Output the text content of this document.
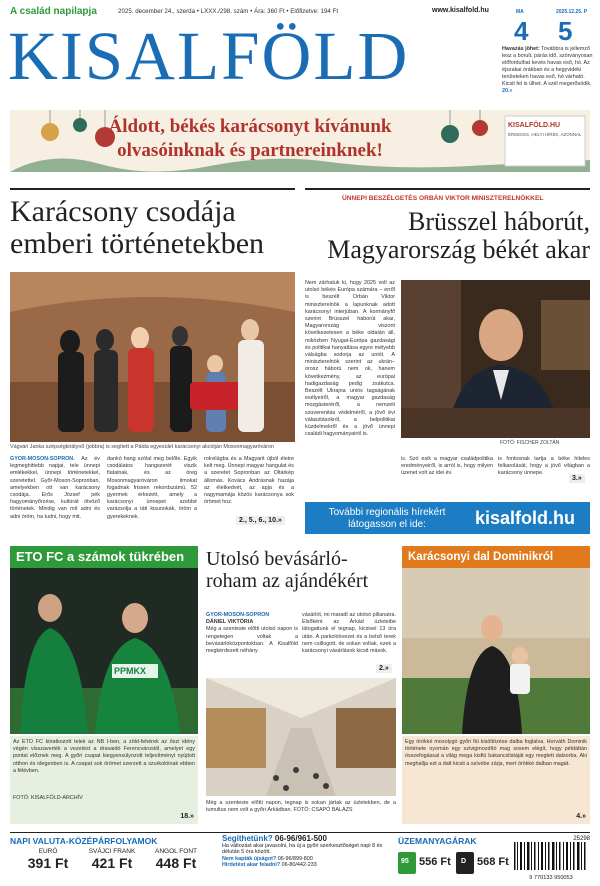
A család napilapja	2025. december 24., szerda • LXXX./298. szám • Ára: 360 Ft • Előfizetve: 194 Ft	www.kisalfold.hu
KISALFÖLD
MA	2025.12.25. P
4 5
Havazás jöhet: Továbbra is jellemző lesz a borult, párás idő, szórványosan előfordulhat kevés havas eső, hó. Az éjszakai órákban és a hegyvidéki területeken havas eső, hó várható. Kicsit fel is ülhet. A szél megerősödik. 20.»
Áldott, békés karácsonyt kívánunk
olvasóinknak és partnereinknek!
KISALFÖLD.HU
ÉRDEKES, HELYI HÍREK, AZONNAL
Karácsony csodája
emberi történetekben
Vágvári Janka szépségkirálynő (jobbra) is segített a Pálda egyesület karácsonyi akcióján Mosonmagyaróváron
GYŐR-MOSON-SOPRON. Az év legmeghittebb napjai, tele ünnepi emlékekkel, ünnepi történetekkel, szeretettel. Győr-Moson-Sopronban, amelyekben ott van karácsony csodája. Erős József pék hagyományőrzése, kultúrát ötvöző történetek. Mindig van mit adni és adni öröm, ha tudni, hogy mit.
dankó hang szólal meg belőle. Egyik csodálatos hangszerét viszik fiatalnak, és az öreg Mosonmagyaróváron ilmokat fogadnak frissen rekordszámú, 52 gyermek érkezett, amely a karácsonyi ünnepet szebbé varázsolja a táti kisunokák, öröm a gyerekeknek.
rokvilágba és a Magyarit újból életre kelt meg. Ünnepi magyar hangulat és a szeretet Sopronban az Oltárkép állomás. Kovács Andrásnak hazája az életkedvét, az apja és a nagymamája közös karácsonya sok örömet hoz.
2., 5., 6., 10.»
ÜNNEPI BESZÉLGETÉS ORBÁN VIKTOR MINISZTERELNÖKKEL
Brüsszel háborút,
Magyarország békét akar
Nem zárhatuk ki, hogy 2025 volt az utolsó békés Európa számára – erről is beszélt Orbán Viktor miniszterelnök a lapunknak adott karácsonyi interjúban. A kormányfő szerint Brüsszel háborút akar, Magyarország viszont következetesen a béke oldalán áll, miközben Nyugat-Európa gazdasági és politikai hanyatlása egyre mélyebb válságba sodorja az uniót. A miniszterelnök szerint az ukrán–orosz háború nem ok, hanem következmény, az európai hadigazdaság pedig zsákutca. Beszélt Ukrajna uniós tagságának esélyeiről, a magyar gazdaság mozgásteréről, a nemzeti szuverenitás védelméről, a jövő évi választásokról, a belpolitikai küzdelmekről és a jövő ünnepi családi hagyományairól is.
FOTÓ: FISCHER ZOLTÁN
is. Szó esik a magyar családpolitika eredményeiről, is arról is, hogy milyen üzenet volt az idei év.
is fontosnak tartja a béke hiteles felkarolását, hogy a jövő világban a karácsony ünnepe.
3.»
További regionális hírekért
látogasson el ide:	kisalfold.hu
ETO FC a számok tükrében
PPMKX
Az ETO FC kiiratkozott telek az NB I-ben, a zöld-fehérek az őszi idény végén visszaverték a vezetést a dravaidó Ferencvárostól, amelyet egy pontal előznek meg. A győri csapat kiegyensúlyozott teljesítményt nyújtott otthon és idegenben is. A csapat sok örömet szerzett a szurkolóinak ebben a félévben.
FOTÓ: KISALFÖLD-ARCHÍV
18.»
Utolsó bevásárló-
roham az ajándékért
GYŐR-MOSON-SOPRON
DÁNIEL VIKTÓRIA
Még a szenteste előtti utolsó napon is rengetegen voltak a bevásárlóközpontokban. A Kisalföld megkérdezett néhány
vásárlót, mi maradt az utolsó pillanatra. Elsőként az Árkád üzleteibe látogattunk el tegnap, kicsivel 13 óra után. A parkolóövezet és a belső terek nem csillogott, de sokan voltak, ezek a karácsonyi vásárlások kicsit mások.
2.»
Még a szenteste előtti napon, tegnap is sokan jártak az üzletekben, de a tumultus nem volt a győri Árkádban. FOTÓ: CSAPÓ BALÁZS
Karácsonyi dal Dominikról
Egy örökké mosolygó győri fiú kisöltözése dalba foglalva. Horváth Dominik története nyomán egy szívigmozdító mag sosem elégít, hogy példáttán összefogással a világ mega kisfiú bakancslistáját egy megtett dalsorba. Aki meghallja ezt a dalt kicsit a szívébe zárja, mert örökké dalban magát.
4.»
NAPI VALUTA-KÖZÉPÁRFOLYAMOK
EURÓ
391 Ft
SVÁJCI FRANK
421 Ft
ANGOL FONT
448 Ft
Segíthetünk? 06-96/961-500
Ha változást akar javasolni, ha új a győri szerkesztőséget napi 8 és délután 5 óra között.
Nem kapták újságot? 06-96/899-800
Hirdetést akar feladni? 06-80/442-233
ÜZEMANYAGÁRAK
95 556 Ft D 568 Ft
25298
9 770133 950053
